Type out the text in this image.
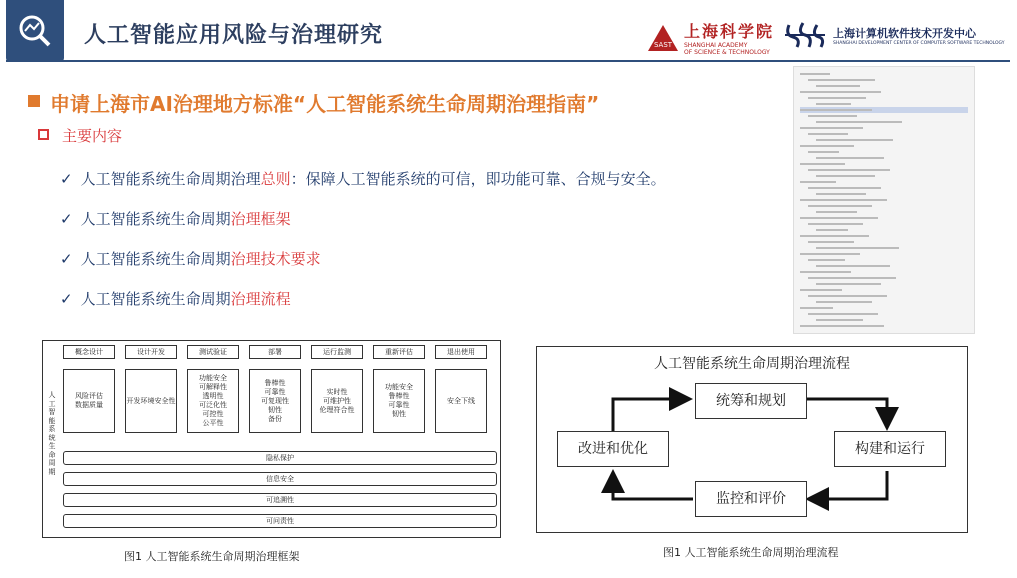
人工智能应用风险与治理研究	SAST
上海科学院
SHANGHAI ACADEMY
OF SCIENCE & TECHNOLOGY
上海计算机软件技术开发中心
SHANGHAI DEVELOPMENT CENTER OF COMPUTER SOFTWARE TECHNOLOGY
申请上海市AI治理地方标准“人工智能系统生命周期治理指南”
主要内容
✓ 人工智能系统生命周期治理总则：保障人工智能系统的可信，即功能可靠、合规与安全。
✓ 人工智能系统生命周期治理框架
✓ 人工智能系统生命周期治理技术要求
✓ 人工智能系统生命周期治理流程
人工智能系统生命周期
概念设计
风险评估
数据质量
设计开发
开发环境安全性
测试验证
功能安全
可解释性
透明性
可泛化性
可控性
公平性
部署
鲁棒性
可靠性
可复现性
韧性
备份
运行监测
实时性
可维护性
伦理符合性
重新评估
功能安全
鲁棒性
可靠性
韧性
退出使用
安全下线
隐私保护
信息安全
可追溯性
可问责性
图1 人工智能系统生命周期治理框架
人工智能系统生命周期治理流程
统筹和规划
构建和运行
监控和评价
改进和优化
图1 人工智能系统生命周期治理流程
